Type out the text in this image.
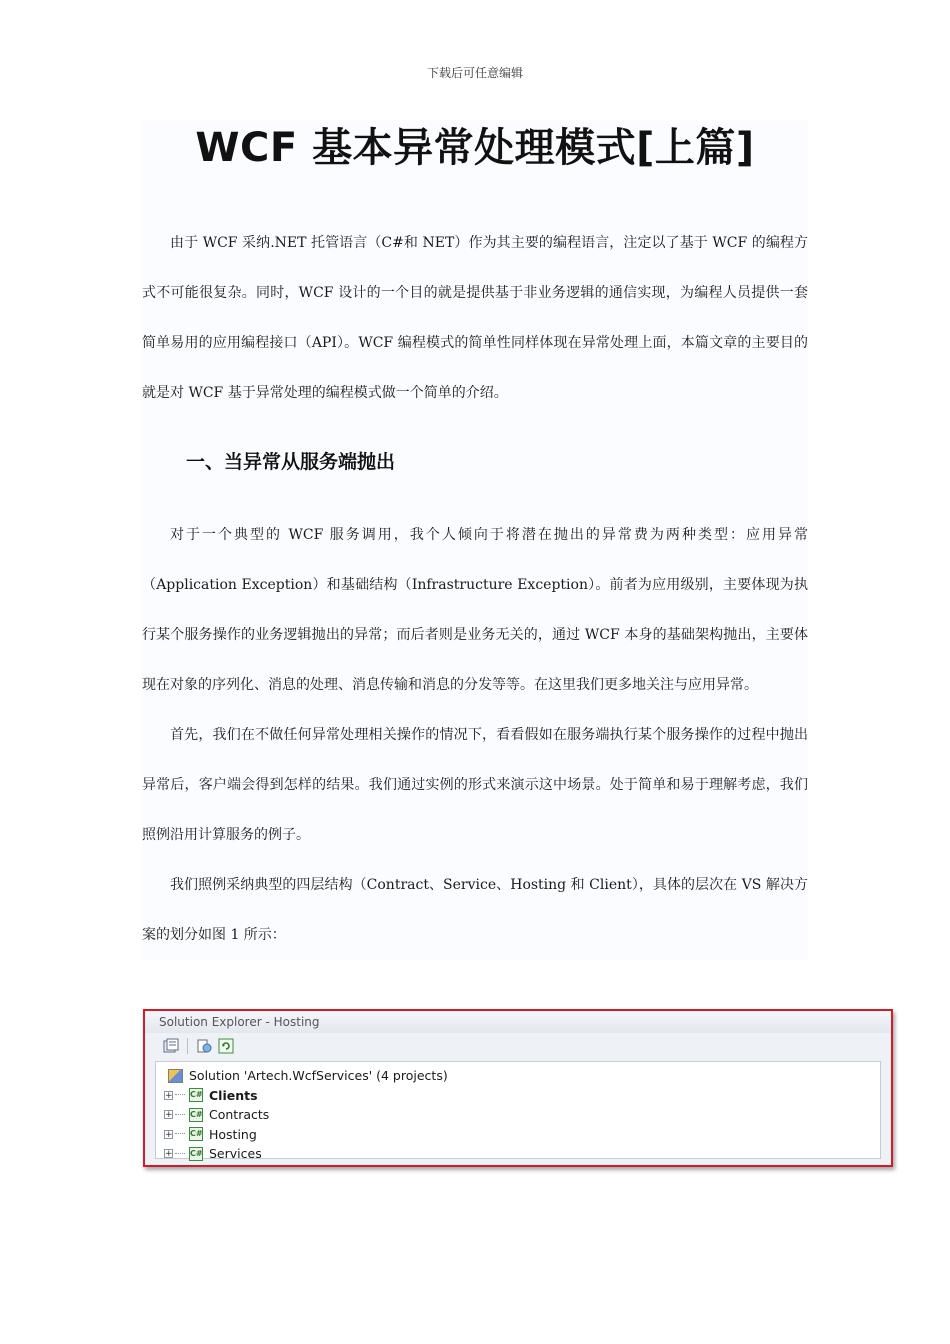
下载后可任意编辑
WCF 基本异常处理模式[上篇]

由于 WCF 采纳.NET 托管语言（C#和 NET）作为其主要的编程语言，注定以了基于 WCF 的编程方式不可能很复杂。同时，WCF 设计的一个目的就是提供基于非业务逻辑的通信实现，为编程人员提供一套简单易用的应用编程接口（API）。WCF 编程模式的简单性同样体现在异常处理上面，本篇文章的主要目的就是对 WCF 基于异常处理的编程模式做一个简单的介绍。

一、当异常从服务端抛出

对于一个典型的 WCF 服务调用，我个人倾向于将潜在抛出的异常费为两种类型：应用异常（Application Exception）和基础结构（Infrastructure Exception）。前者为应用级别，主要体现为执行某个服务操作的业务逻辑抛出的异常；而后者则是业务无关的，通过 WCF 本身的基础架构抛出，主要体现在对象的序列化、消息的处理、消息传输和消息的分发等等。在这里我们更多地关注与应用异常。

首先，我们在不做任何异常处理相关操作的情况下，看看假如在服务端执行某个服务操作的过程中抛出异常后，客户端会得到怎样的结果。我们通过实例的形式来演示这中场景。处于简单和易于理解考虑，我们照例沿用计算服务的例子。

我们照例采纳典型的四层结构（Contract、Service、Hosting 和 Client），具体的层次在 VS 解决方案的划分如图 1 所示：

Solution Explorer - Hosting
Solution 'Artech.WcfServices' (4 projects)
+ C# Clients
+ C# Contracts
+ C# Hosting
+ C# Services
